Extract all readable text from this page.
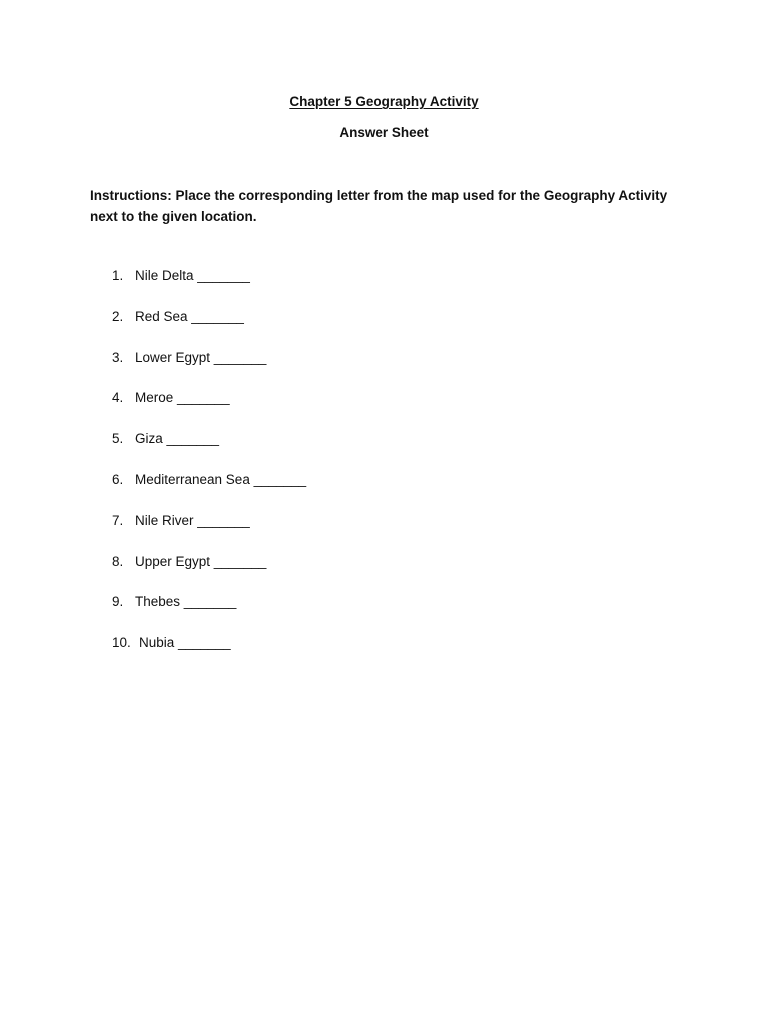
Chapter 5 Geography Activity
Answer Sheet
Instructions: Place the corresponding letter from the map used for the Geography Activity next to the given location.
1. Nile Delta _______
2. Red Sea _______
3. Lower Egypt _______
4. Meroe _______
5. Giza _______
6. Mediterranean Sea _______
7. Nile River _______
8. Upper Egypt _______
9. Thebes _______
10. Nubia _______
